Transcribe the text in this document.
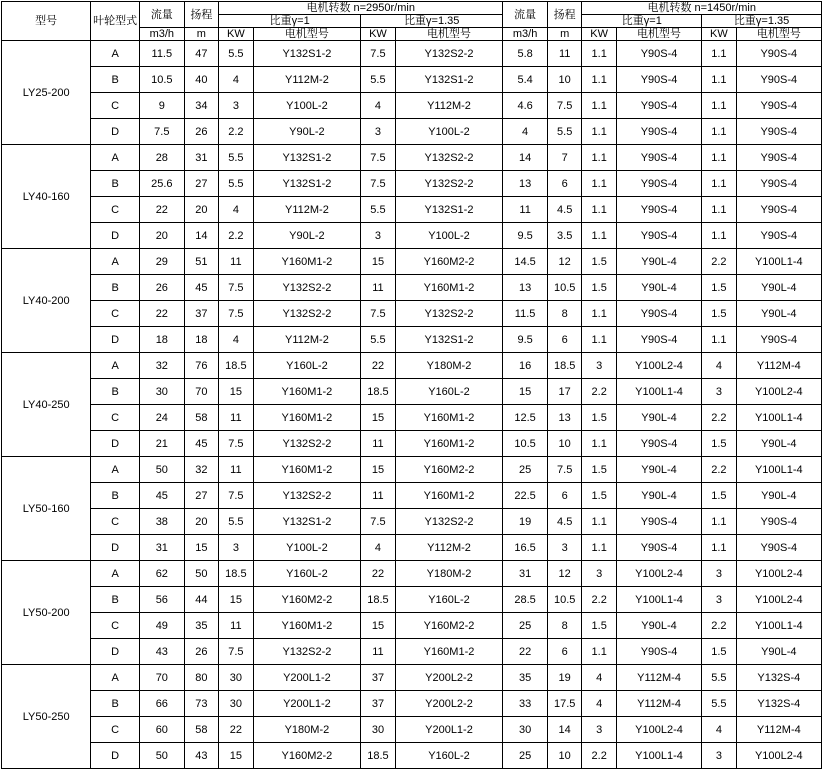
型号	叶轮型式	流量	扬程	电机转数 n=2950r/min				流量	扬程	电机转数 n=1450r/min			
				比重γ=1		比重γ=1.35				比重γ=1		比重γ=1.35	
		m3/h	m	KW	电机型号	KW	电机型号	m3/h	m	KW	电机型号	KW	电机型号
LY25-200	A	11.5	47	5.5	Y132S1-2	7.5	Y132S2-2	5.8	11	1.1	Y90S-4	1.1	Y90S-4
	B	10.5	40	4	Y112M-2	5.5	Y132S1-2	5.4	10	1.1	Y90S-4	1.1	Y90S-4
	C	9	34	3	Y100L-2	4	Y112M-2	4.6	7.5	1.1	Y90S-4	1.1	Y90S-4
	D	7.5	26	2.2	Y90L-2	3	Y100L-2	4	5.5	1.1	Y90S-4	1.1	Y90S-4
LY40-160	A	28	31	5.5	Y132S1-2	7.5	Y132S2-2	14	7	1.1	Y90S-4	1.1	Y90S-4
	B	25.6	27	5.5	Y132S1-2	7.5	Y132S2-2	13	6	1.1	Y90S-4	1.1	Y90S-4
	C	22	20	4	Y112M-2	5.5	Y132S1-2	11	4.5	1.1	Y90S-4	1.1	Y90S-4
	D	20	14	2.2	Y90L-2	3	Y100L-2	9.5	3.5	1.1	Y90S-4	1.1	Y90S-4
LY40-200	A	29	51	11	Y160M1-2	15	Y160M2-2	14.5	12	1.5	Y90L-4	2.2	Y100L1-4
	B	26	45	7.5	Y132S2-2	11	Y160M1-2	13	10.5	1.5	Y90L-4	1.5	Y90L-4
	C	22	37	7.5	Y132S2-2	7.5	Y132S2-2	11.5	8	1.1	Y90S-4	1.5	Y90L-4
	D	18	18	4	Y112M-2	5.5	Y132S1-2	9.5	6	1.1	Y90S-4	1.1	Y90S-4
LY40-250	A	32	76	18.5	Y160L-2	22	Y180M-2	16	18.5	3	Y100L2-4	4	Y112M-4
	B	30	70	15	Y160M1-2	18.5	Y160L-2	15	17	2.2	Y100L1-4	3	Y100L2-4
	C	24	58	11	Y160M1-2	15	Y160M1-2	12.5	13	1.5	Y90L-4	2.2	Y100L1-4
	D	21	45	7.5	Y132S2-2	11	Y160M1-2	10.5	10	1.1	Y90S-4	1.5	Y90L-4
LY50-160	A	50	32	11	Y160M1-2	15	Y160M2-2	25	7.5	1.5	Y90L-4	2.2	Y100L1-4
	B	45	27	7.5	Y132S2-2	11	Y160M1-2	22.5	6	1.5	Y90L-4	1.5	Y90L-4
	C	38	20	5.5	Y132S1-2	7.5	Y132S2-2	19	4.5	1.1	Y90S-4	1.1	Y90S-4
	D	31	15	3	Y100L-2	4	Y112M-2	16.5	3	1.1	Y90S-4	1.1	Y90S-4
LY50-200	A	62	50	18.5	Y160L-2	22	Y180M-2	31	12	3	Y100L2-4	3	Y100L2-4
	B	56	44	15	Y160M2-2	18.5	Y160L-2	28.5	10.5	2.2	Y100L1-4	3	Y100L2-4
	C	49	35	11	Y160M1-2	15	Y160M2-2	25	8	1.5	Y90L-4	2.2	Y100L1-4
	D	43	26	7.5	Y132S2-2	11	Y160M1-2	22	6	1.1	Y90S-4	1.5	Y90L-4
LY50-250	A	70	80	30	Y200L1-2	37	Y200L2-2	35	19	4	Y112M-4	5.5	Y132S-4
	B	66	73	30	Y200L1-2	37	Y200L2-2	33	17.5	4	Y112M-4	5.5	Y132S-4
	C	60	58	22	Y180M-2	30	Y200L1-2	30	14	3	Y100L2-4	4	Y112M-4
	D	50	43	15	Y160M2-2	18.5	Y160L-2	25	10	2.2	Y100L1-4	3	Y100L2-4
